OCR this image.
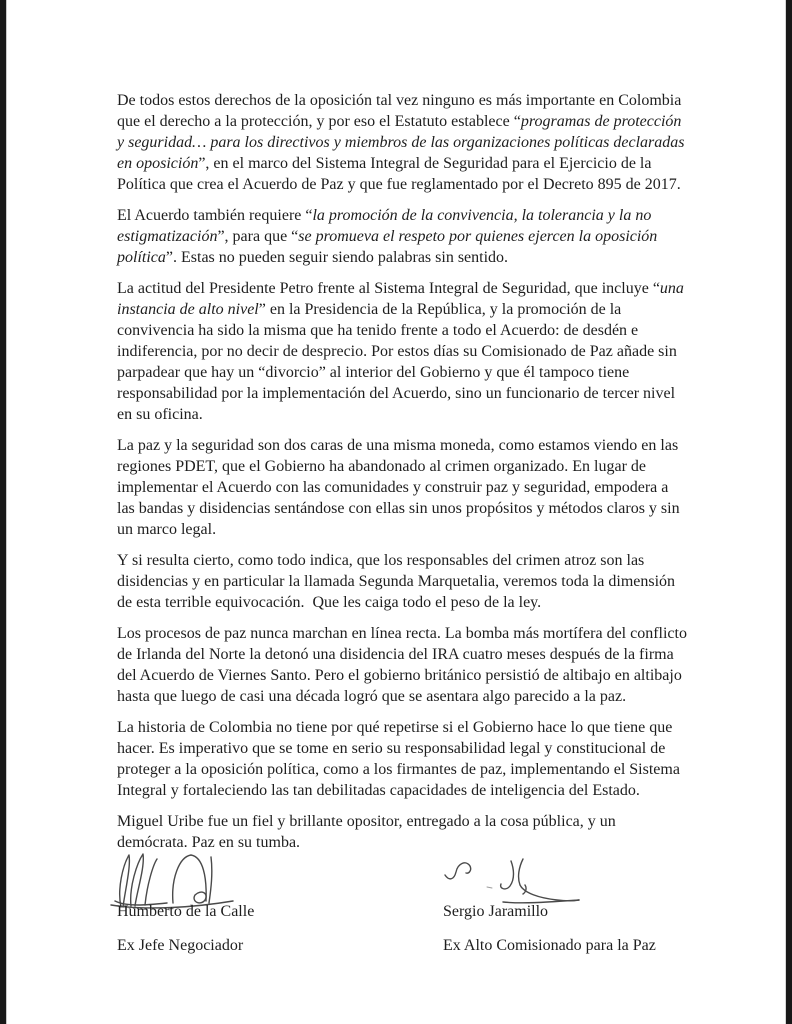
De todos estos derechos de la oposición tal vez ninguno es más importante en Colombia que el derecho a la protección, y por eso el Estatuto establece “programas de protección y seguridad… para los directivos y miembros de las organizaciones políticas declaradas en oposición”, en el marco del Sistema Integral de Seguridad para el Ejercicio de la Política que crea el Acuerdo de Paz y que fue reglamentado por el Decreto 895 de 2017.

El Acuerdo también requiere “la promoción de la convivencia, la tolerancia y la no estigmatización”, para que “se promueva el respeto por quienes ejercen la oposición política”. Estas no pueden seguir siendo palabras sin sentido.

La actitud del Presidente Petro frente al Sistema Integral de Seguridad, que incluye “una instancia de alto nivel” en la Presidencia de la República, y la promoción de la convivencia ha sido la misma que ha tenido frente a todo el Acuerdo: de desdén e indiferencia, por no decir de desprecio. Por estos días su Comisionado de Paz añade sin parpadear que hay un “divorcio” al interior del Gobierno y que él tampoco tiene responsabilidad por la implementación del Acuerdo, sino un funcionario de tercer nivel en su oficina.

La paz y la seguridad son dos caras de una misma moneda, como estamos viendo en las regiones PDET, que el Gobierno ha abandonado al crimen organizado. En lugar de implementar el Acuerdo con las comunidades y construir paz y seguridad, empodera a las bandas y disidencias sentándose con ellas sin unos propósitos y métodos claros y sin un marco legal.

Y si resulta cierto, como todo indica, que los responsables del crimen atroz son las disidencias y en particular la llamada Segunda Marquetalia, veremos toda la dimensión de esta terrible equivocación.  Que les caiga todo el peso de la ley.

Los procesos de paz nunca marchan en línea recta. La bomba más mortífera del conflicto de Irlanda del Norte la detonó una disidencia del IRA cuatro meses después de la firma del Acuerdo de Viernes Santo. Pero el gobierno británico persistió de altibajo en altibajo hasta que luego de casi una década logró que se asentara algo parecido a la paz.

La historia de Colombia no tiene por qué repetirse si el Gobierno hace lo que tiene que hacer. Es imperativo que se tome en serio su responsabilidad legal y constitucional de proteger a la oposición política, como a los firmantes de paz, implementando el Sistema Integral y fortaleciendo las tan debilitadas capacidades de inteligencia del Estado.

Miguel Uribe fue un fiel y brillante opositor, entregado a la cosa pública, y un demócrata. Paz en su tumba.

Humberto de la Calle
Ex Jefe Negociador
Sergio Jaramillo
Ex Alto Comisionado para la Paz
